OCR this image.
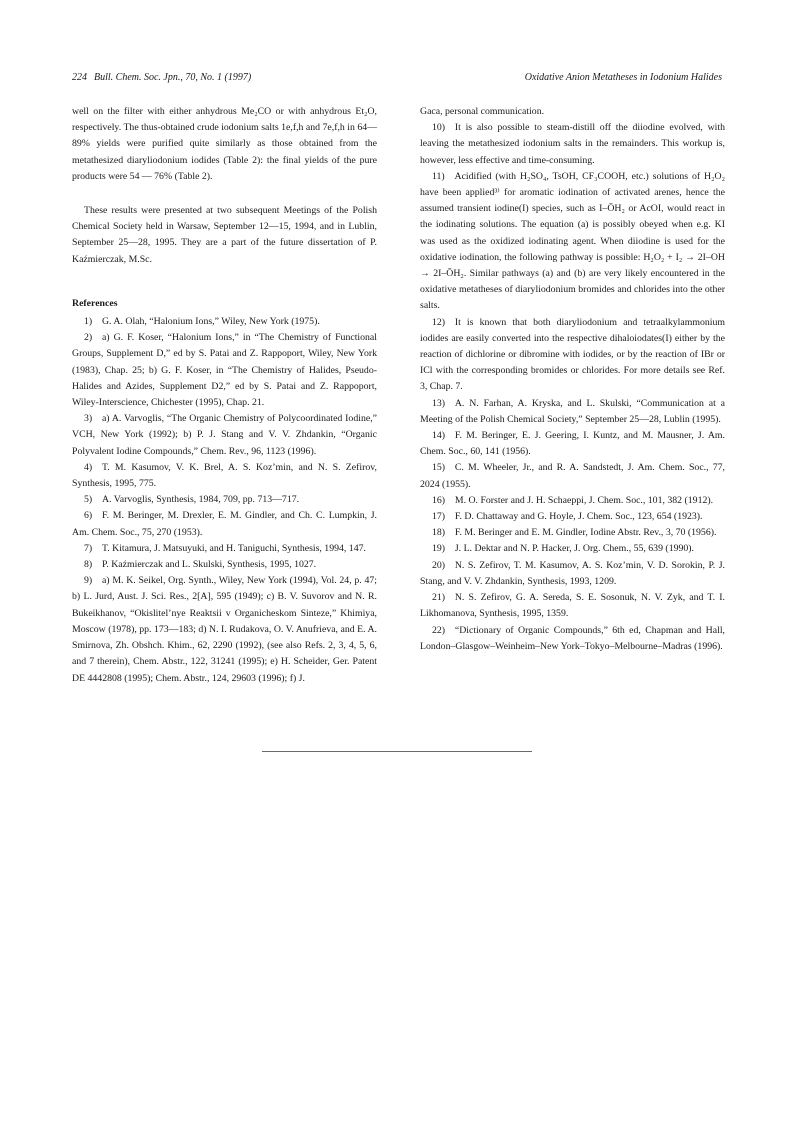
224 Bull. Chem. Soc. Jpn., 70, No. 1 (1997)	Oxidative Anion Metatheses in Iodonium Halides

well on the filter with either anhydrous Me₂CO or with anhydrous Et₂O, respectively. The thus-obtained crude iodonium salts 1e,f,h and 7e,f,h in 64—89% yields were purified quite similarly as those obtained from the metathesized diaryliodonium iodides (Table 2): the final yields of the pure products were 54 — 76% (Table 2).

These results were presented at two subsequent Meetings of the Polish Chemical Society held in Warsaw, September 12—15, 1994, and in Lublin, September 25—28, 1995. They are a part of the future dissertation of P. Kaźmierczak, M.Sc.

References

1) G. A. Olah, “Halonium Ions,” Wiley, New York (1975).

2) a) G. F. Koser, “Halonium Ions,” in “The Chemistry of Functional Groups, Supplement D,” ed by S. Patai and Z. Rappoport, Wiley, New York (1983), Chap. 25; b) G. F. Koser, in “The Chemistry of Halides, Pseudo-Halides and Azides, Supplement D2,” ed by S. Patai and Z. Rappoport, Wiley-Interscience, Chichester (1995), Chap. 21.

3) a) A. Varvoglis, “The Organic Chemistry of Polycoordinated Iodine,” VCH, New York (1992); b) P. J. Stang and V. V. Zhdankin, “Organic Polyvalent Iodine Compounds,” Chem. Rev., 96, 1123 (1996).

4) T. M. Kasumov, V. K. Brel, A. S. Koz’min, and N. S. Zefirov, Synthesis, 1995, 775.

5) A. Varvoglis, Synthesis, 1984, 709, pp. 713—717.

6) F. M. Beringer, M. Drexler, E. M. Gindler, and Ch. C. Lumpkin, J. Am. Chem. Soc., 75, 270 (1953).

7) T. Kitamura, J. Matsuyuki, and H. Taniguchi, Synthesis, 1994, 147.

8) P. Kaźmierczak and L. Skulski, Synthesis, 1995, 1027.

9) a) M. K. Seikel, Org. Synth., Wiley, New York (1994), Vol. 24, p. 47; b) L. Jurd, Aust. J. Sci. Res., 2[A], 595 (1949); c) B. V. Suvorov and N. R. Bukeikhanov, “Okislitel’nye Reaktsii v Organicheskom Sinteze,” Khimiya, Moscow (1978), pp. 173—183; d) N. I. Rudakova, O. V. Anufrieva, and E. A. Smirnova, Zh. Obshch. Khim., 62, 2290 (1992), (see also Refs. 2, 3, 4, 5, 6, and 7 therein), Chem. Abstr., 122, 31241 (1995); e) H. Scheider, Ger. Patent DE 4442808 (1995); Chem. Abstr., 124, 29603 (1996); f) J.

Gaca, personal communication.

10) It is also possible to steam-distill off the diiodine evolved, with leaving the metathesized iodonium salts in the remainders. This workup is, however, less effective and time-consuming.

11) Acidified (with H₂SO₄, TsOH, CF₃COOH, etc.) solutions of H₂O₂ have been applied³⁾ for aromatic iodination of activated arenes, hence the assumed transient iodine(I) species, such as I–ŌH₂ or AcOI, would react in the iodinating solutions. The equation (a) is possibly obeyed when e.g. KI was used as the oxidized iodinating agent. When diiodine is used for the oxidative iodination, the following pathway is possible: H₂O₂ + I₂ → 2I–OH → 2I–ŌH₂. Similar pathways (a) and (b) are very likely encountered in the oxidative metatheses of diaryliodonium bromides and chlorides into the other salts.

12) It is known that both diaryliodonium and tetraalkylammonium iodides are easily converted into the respective dihaloiodates(I) either by the reaction of dichlorine or dibromine with iodides, or by the reaction of IBr or ICl with the corresponding bromides or chlorides. For more details see Ref. 3, Chap. 7.

13) A. N. Farhan, A. Kryska, and L. Skulski, “Communication at a Meeting of the Polish Chemical Society,” September 25—28, Lublin (1995).

14) F. M. Beringer, E. J. Geering, I. Kuntz, and M. Mausner, J. Am. Chem. Soc., 60, 141 (1956).

15) C. M. Wheeler, Jr., and R. A. Sandstedt, J. Am. Chem. Soc., 77, 2024 (1955).

16) M. O. Forster and J. H. Schaeppi, J. Chem. Soc., 101, 382 (1912).

17) F. D. Chattaway and G. Hoyle, J. Chem. Soc., 123, 654 (1923).

18) F. M. Beringer and E. M. Gindler, Iodine Abstr. Rev., 3, 70 (1956).

19) J. L. Dektar and N. P. Hacker, J. Org. Chem., 55, 639 (1990).

20) N. S. Zefirov, T. M. Kasumov, A. S. Koz’min, V. D. Sorokin, P. J. Stang, and V. V. Zhdankin, Synthesis, 1993, 1209.

21) N. S. Zefirov, G. A. Sereda, S. E. Sosonuk, N. V. Zyk, and T. I. Likhomanova, Synthesis, 1995, 1359.

22) “Dictionary of Organic Compounds,” 6th ed, Chapman and Hall, London–Glasgow–Weinheim–New York–Tokyo–Melbourne–Madras (1996).
